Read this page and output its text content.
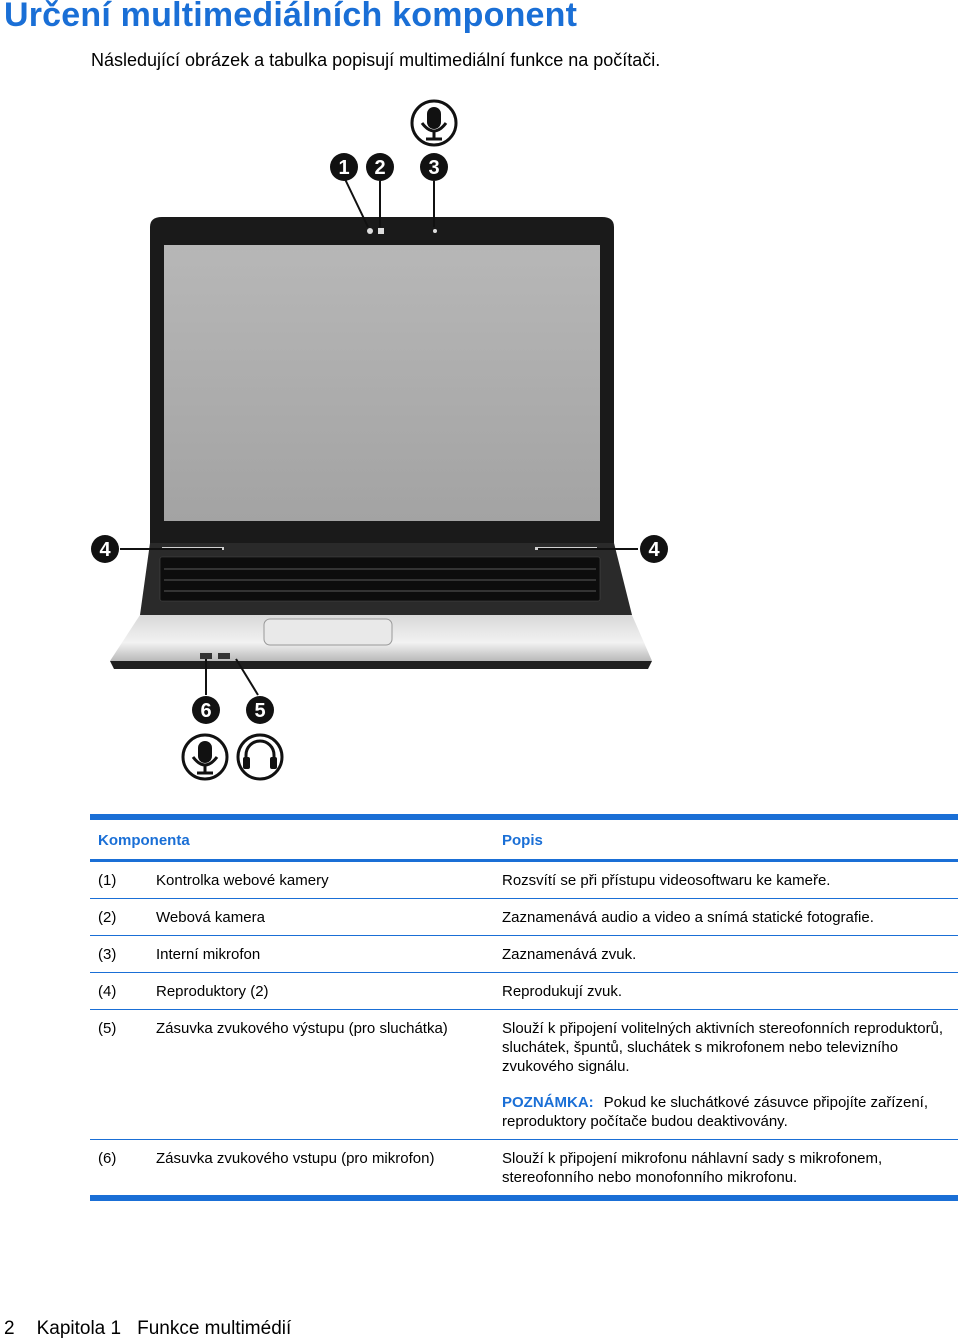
Určení multimediálních komponent

Následující obrázek a tabulka popisují multimediální funkce na počítači.

1 2 3
4	4
5
6

Komponenta		Popis
(1)	Kontrolka webové kamery	Rozsvítí se při přístupu videosoftwaru ke kameře.
(2)	Webová kamera	Zaznamenává audio a video a snímá statické fotografie.
(3)	Interní mikrofon	Zaznamenává zvuk.
(4)	Reproduktory (2)	Reprodukují zvuk.
(5)	Zásuvka zvukového výstupu (pro sluchátka)	Slouží k připojení volitelných aktivních stereofonních reproduktorů, sluchátek, špuntů, sluchátek s mikrofonem nebo televizního zvukového signálu.
POZNÁMKA: Pokud ke sluchátkové zásuvce připojíte zařízení, reproduktory počítače budou deaktivovány.

(6)	Zásuvka zvukového vstupu (pro mikrofon)	Slouží k připojení mikrofonu náhlavní sady s mikrofonem, stereofonního nebo monofonního mikrofonu.

2 Kapitola 1 Funkce multimédií
